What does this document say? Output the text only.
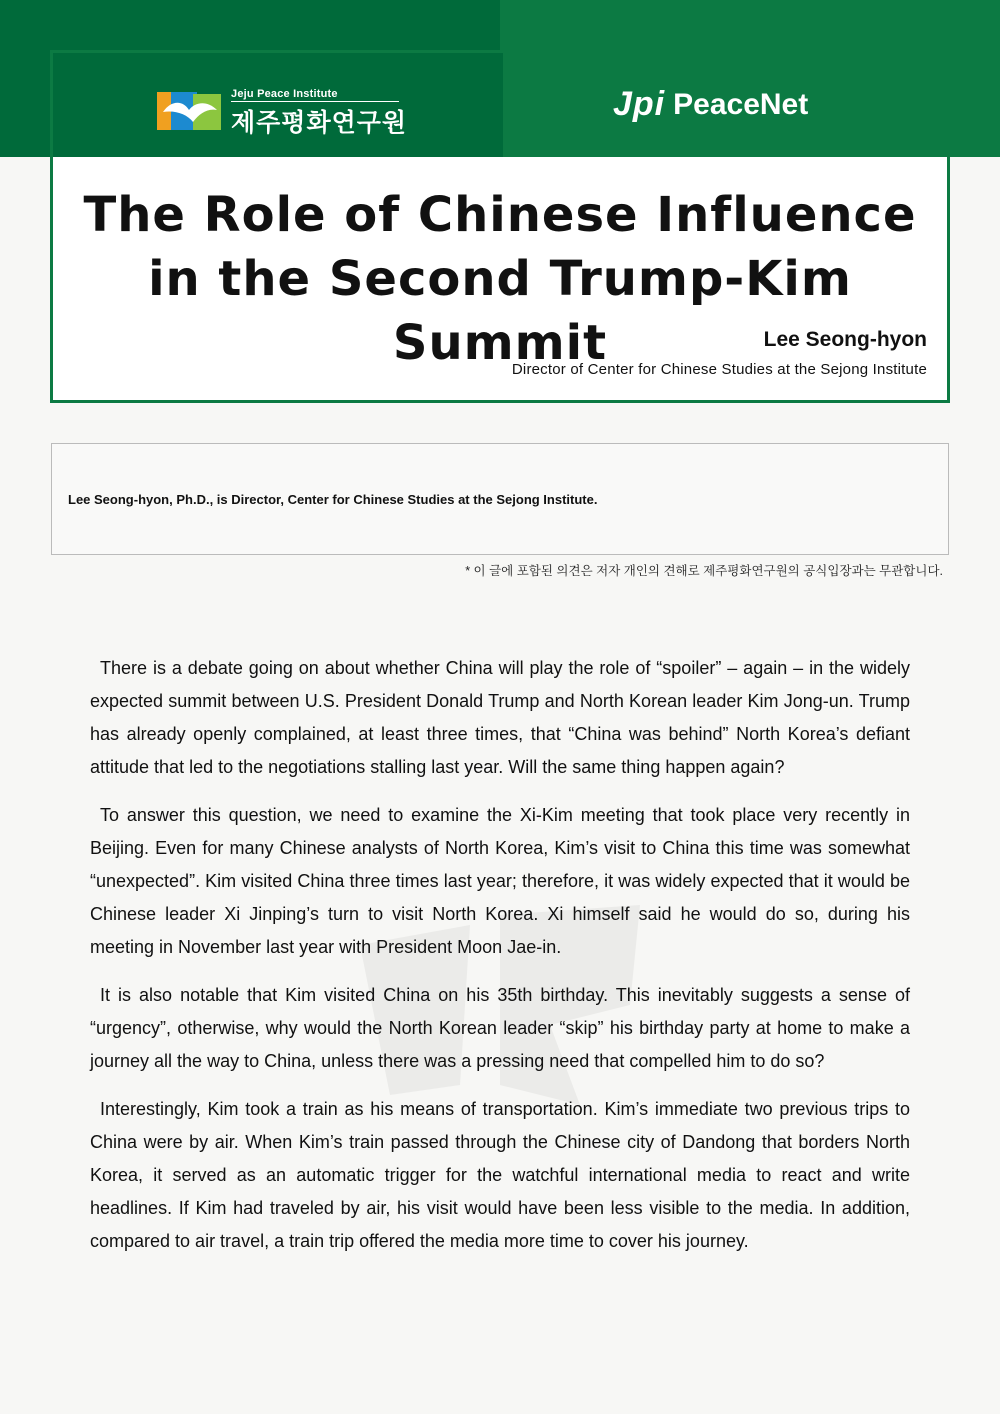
Jeju Peace Institute
제주평화연구원	Jpi PeaceNet
The Role of Chinese Influence in the Second Trump-Kim Summit	Lee Seong-hyon
Director of Center for Chinese Studies at the Sejong Institute
Lee Seong-hyon, Ph.D., is Director, Center for Chinese Studies at the Sejong Institute.
* 이 글에 포함된 의견은 저자 개인의 견해로 제주평화연구원의 공식입장과는 무관합니다.

There is a debate going on about whether China will play the role of “spoiler” – again – in the widely expected summit between U.S. President Donald Trump and North Korean leader Kim Jong-un. Trump has already openly complained, at least three times, that “China was behind” North Korea’s defiant attitude that led to the negotiations stalling last year. Will the same thing happen again?

To answer this question, we need to examine the Xi-Kim meeting that took place very recently in Beijing. Even for many Chinese analysts of North Korea, Kim’s visit to China this time was somewhat “unexpected”. Kim visited China three times last year; therefore, it was widely expected that it would be Chinese leader Xi Jinping’s turn to visit North Korea. Xi himself said he would do so, during his meeting in November last year with President Moon Jae-in.

It is also notable that Kim visited China on his 35th birthday. This inevitably suggests a sense of “urgency”, otherwise, why would the North Korean leader “skip” his birthday party at home to make a journey all the way to China, unless there was a pressing need that compelled him to do so?

Interestingly, Kim took a train as his means of transportation. Kim’s immediate two previous trips to China were by air. When Kim’s train passed through the Chinese city of Dandong that borders North Korea, it served as an automatic trigger for the watchful international media to react and write headlines. If Kim had traveled by air, his visit would have been less visible to the media. In addition, compared to air travel, a train trip offered the media more time to cover his journey.
